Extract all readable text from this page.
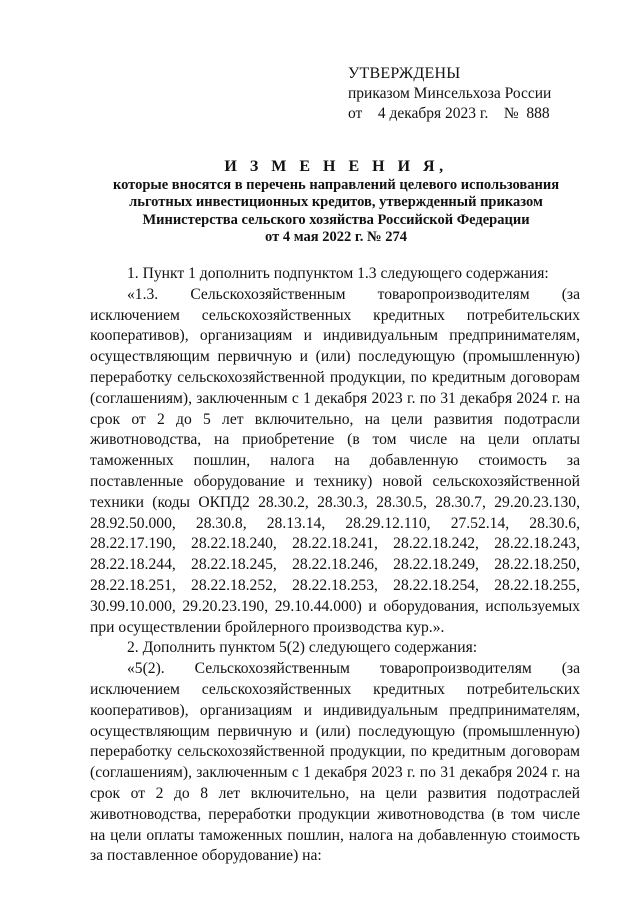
УТВЕРЖДЕНЫ
приказом Минсельхоза России
от    4 декабря 2023 г.    №  888
И З М Е Н Е Н И Я,
которые вносятся в перечень направлений целевого использования
льготных инвестиционных кредитов, утвержденный приказом
Министерства сельского хозяйства Российской Федерации
от 4 мая 2022 г. № 274

1. Пункт 1 дополнить подпунктом 1.3 следующего содержания:

«1.3. Сельскохозяйственным товаропроизводителям (за исключением сельскохозяйственных кредитных потребительских кооперативов), организациям и индивидуальным предпринимателям, осуществляющим первичную и (или) последующую (промышленную) переработку сельскохозяйственной продукции, по кредитным договорам (соглашениям), заключенным с 1 декабря 2023 г. по 31 декабря 2024 г. на срок от 2 до 5 лет включительно, на цели развития подотрасли животноводства, на приобретение (в том числе на цели оплаты таможенных пошлин, налога на добавленную стоимость за поставленные оборудование и технику) новой сельскохозяйственной техники (коды ОКПД2 28.30.2, 28.30.3, 28.30.5, 28.30.7, 29.20.23.130, 28.92.50.000, 28.30.8, 28.13.14, 28.29.12.110, 27.52.14, 28.30.6, 28.22.17.190, 28.22.18.240, 28.22.18.241, 28.22.18.242, 28.22.18.243, 28.22.18.244, 28.22.18.245, 28.22.18.246, 28.22.18.249, 28.22.18.250, 28.22.18.251, 28.22.18.252, 28.22.18.253, 28.22.18.254, 28.22.18.255, 30.99.10.000, 29.20.23.190, 29.10.44.000) и оборудования, используемых при осуществлении бройлерного производства кур.».

2. Дополнить пунктом 5(2) следующего содержания:

«5(2). Сельскохозяйственным товаропроизводителям (за исключением сельскохозяйственных кредитных потребительских кооперативов), организациям и индивидуальным предпринимателям, осуществляющим первичную и (или) последующую (промышленную) переработку сельскохозяйственной продукции, по кредитным договорам (соглашениям), заключенным с 1 декабря 2023 г. по 31 декабря 2024 г. на срок от 2 до 8 лет включительно, на цели развития подотраслей животноводства, переработки продукции животноводства (в том числе на цели оплаты таможенных пошлин, налога на добавленную стоимость за поставленное оборудование) на:
